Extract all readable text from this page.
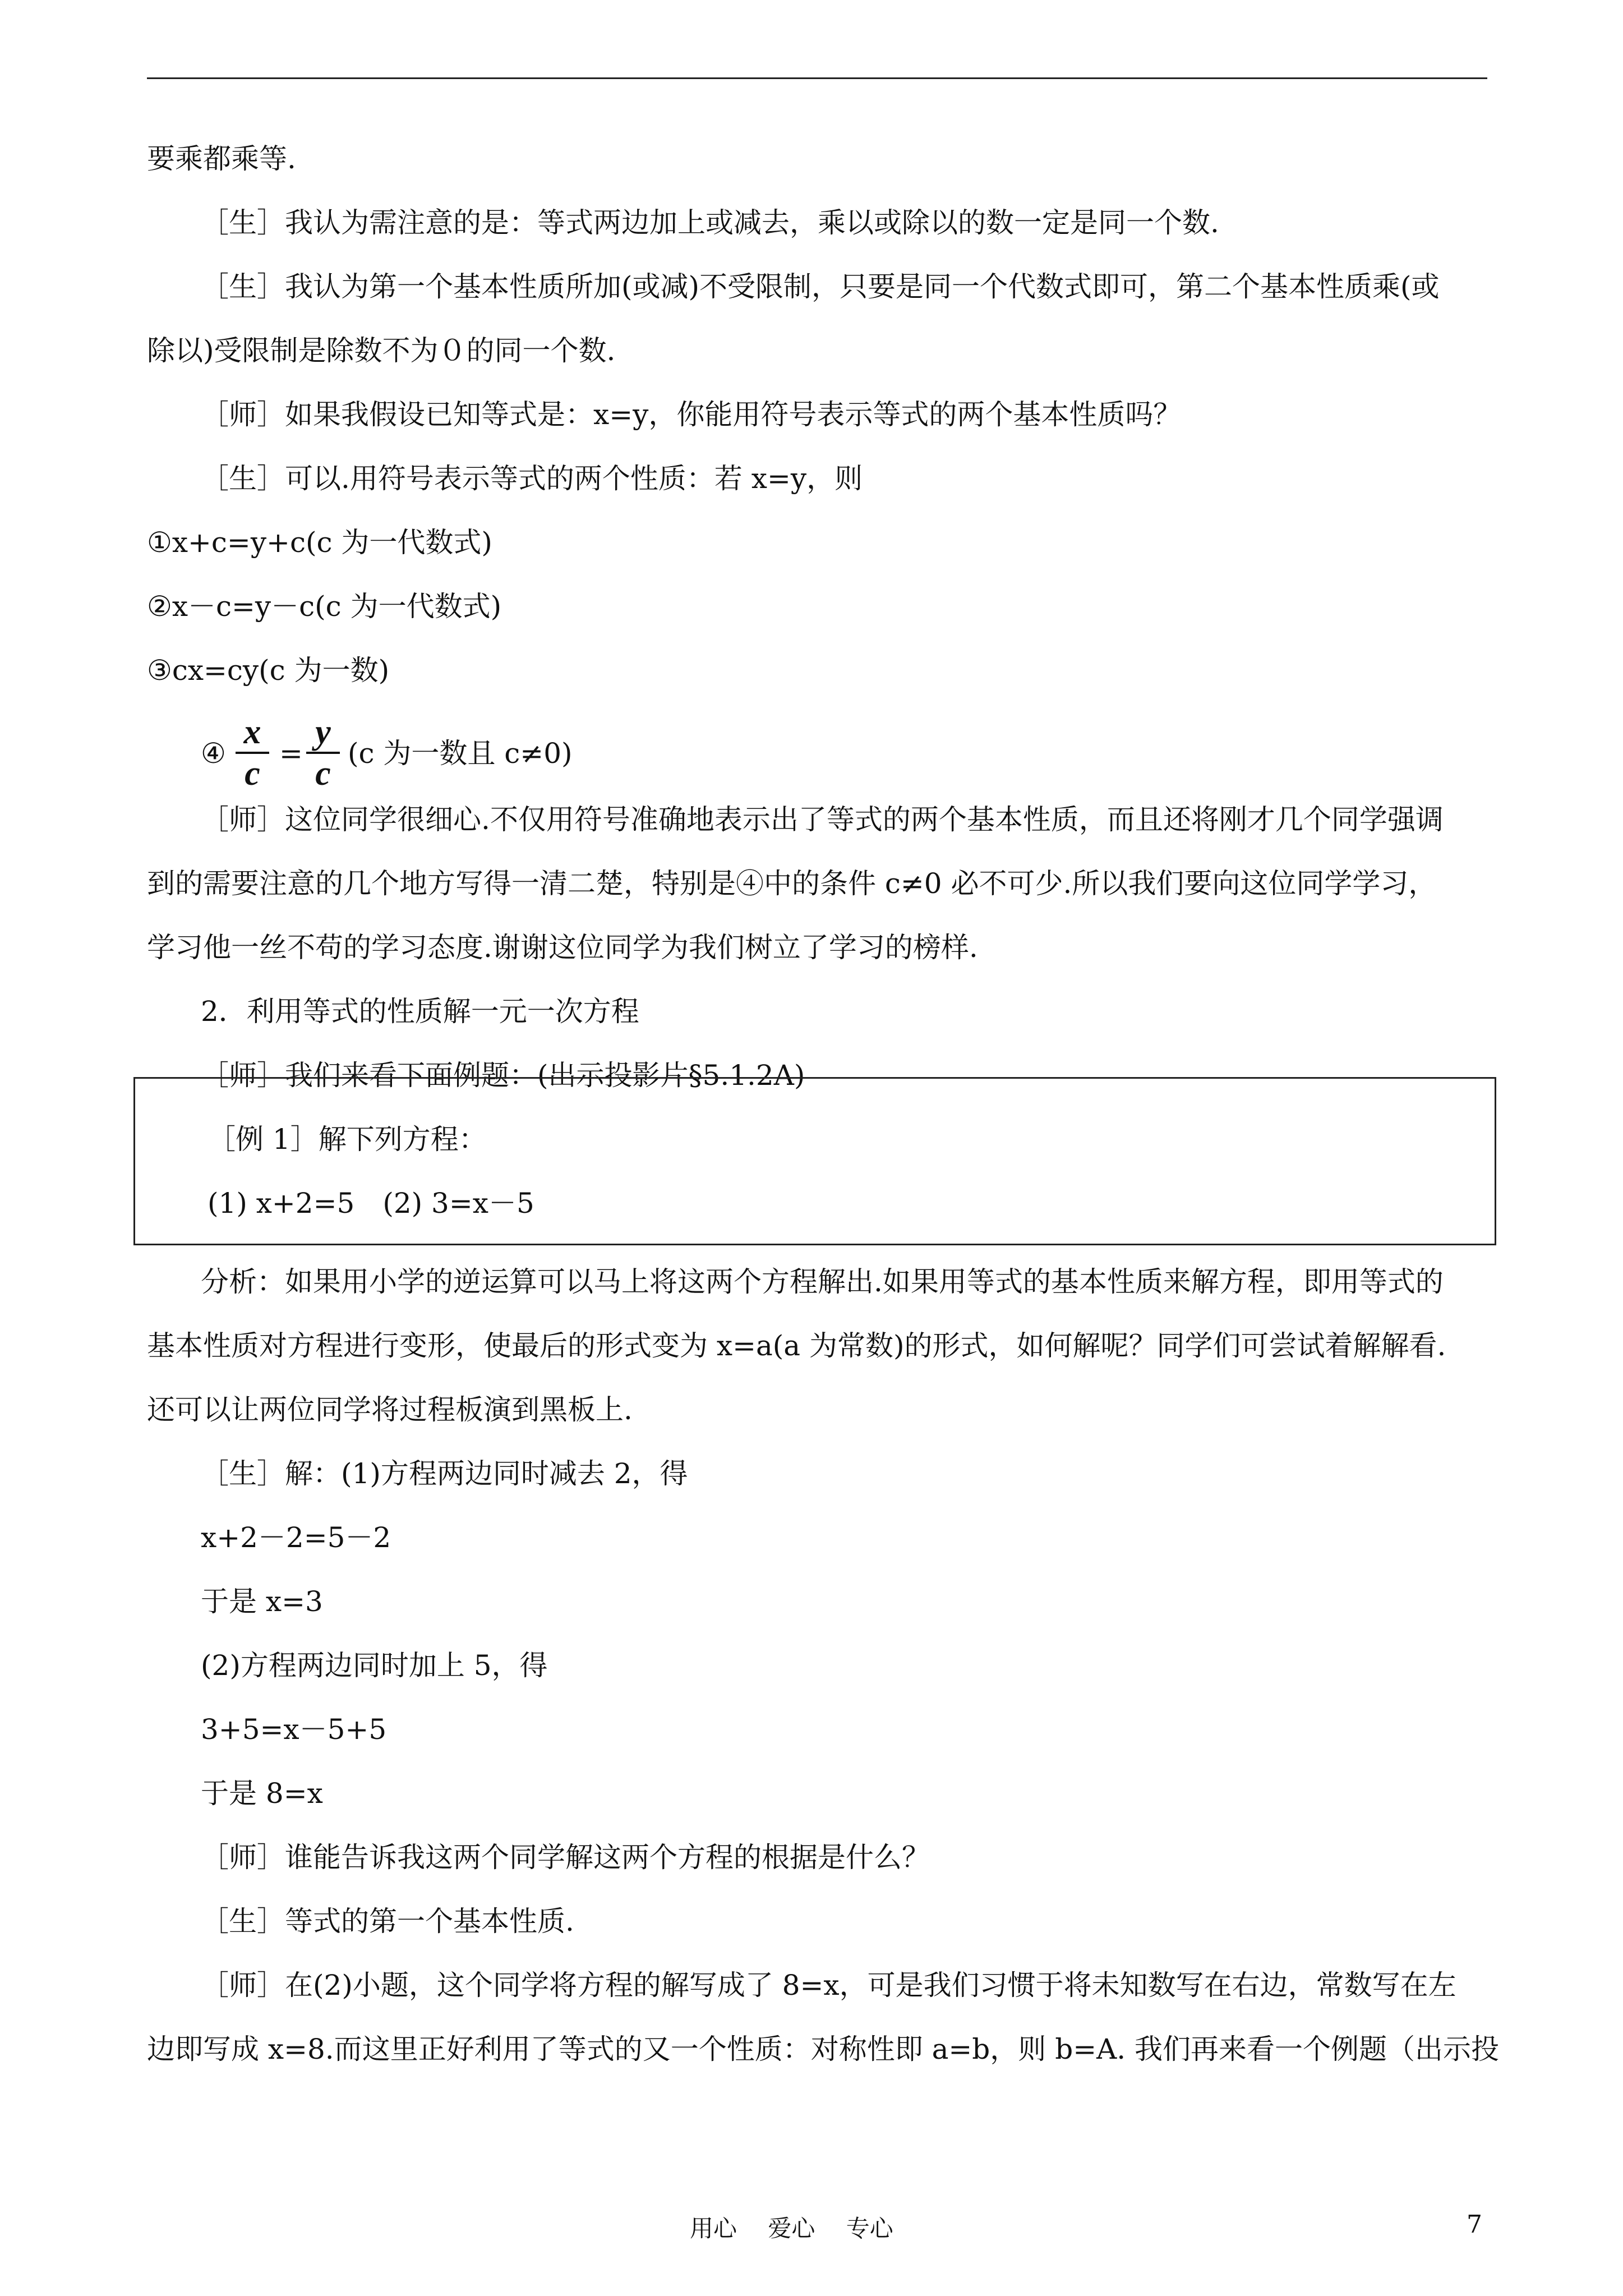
要乘都乘等.
［生］我认为需注意的是：等式两边加上或减去，乘以或除以的数一定是同一个数.
［生］我认为第一个基本性质所加(或减)不受限制，只要是同一个代数式即可，第二个基本性质乘(或
除以)受限制是除数不为０的同一个数.
［师］如果我假设已知等式是：x=y，你能用符号表示等式的两个基本性质吗？
［生］可以.用符号表示等式的两个性质：若 x=y，则
①x+c=y+c(c 为一代数式)
②x－c=y－c(c 为一代数式)
③cx=cy(c 为一数)
④
x
c
=
y
c
(c 为一数且 c≠0)
［师］这位同学很细心.不仅用符号准确地表示出了等式的两个基本性质，而且还将刚才几个同学强调
到的需要注意的几个地方写得一清二楚，特别是④中的条件 c≠0 必不可少.所以我们要向这位同学学习，
学习他一丝不苟的学习态度.谢谢这位同学为我们树立了学习的榜样.
2．利用等式的性质解一元一次方程
［师］我们来看下面例题：(出示投影片§5.1.2A)
［例 1］解下列方程：
(1) x+2=5　(2) 3=x－5
分析：如果用小学的逆运算可以马上将这两个方程解出.如果用等式的基本性质来解方程，即用等式的
基本性质对方程进行变形，使最后的形式变为 x=a(a 为常数)的形式，如何解呢？同学们可尝试着解解看.
还可以让两位同学将过程板演到黑板上.
［生］解：(1)方程两边同时减去 2，得
x+2－2=5－2
于是 x=3
(2)方程两边同时加上 5，得
3+5=x－5+5
于是 8=x
［师］谁能告诉我这两个同学解这两个方程的根据是什么？
［生］等式的第一个基本性质.
［师］在(2)小题，这个同学将方程的解写成了 8=x，可是我们习惯于将未知数写在右边，常数写在左
边即写成 x=8.而这里正好利用了等式的又一个性质：对称性即 a=b，则 b=A. 我们再来看一个例题（出示投
用心　 爱心　 专心	7
